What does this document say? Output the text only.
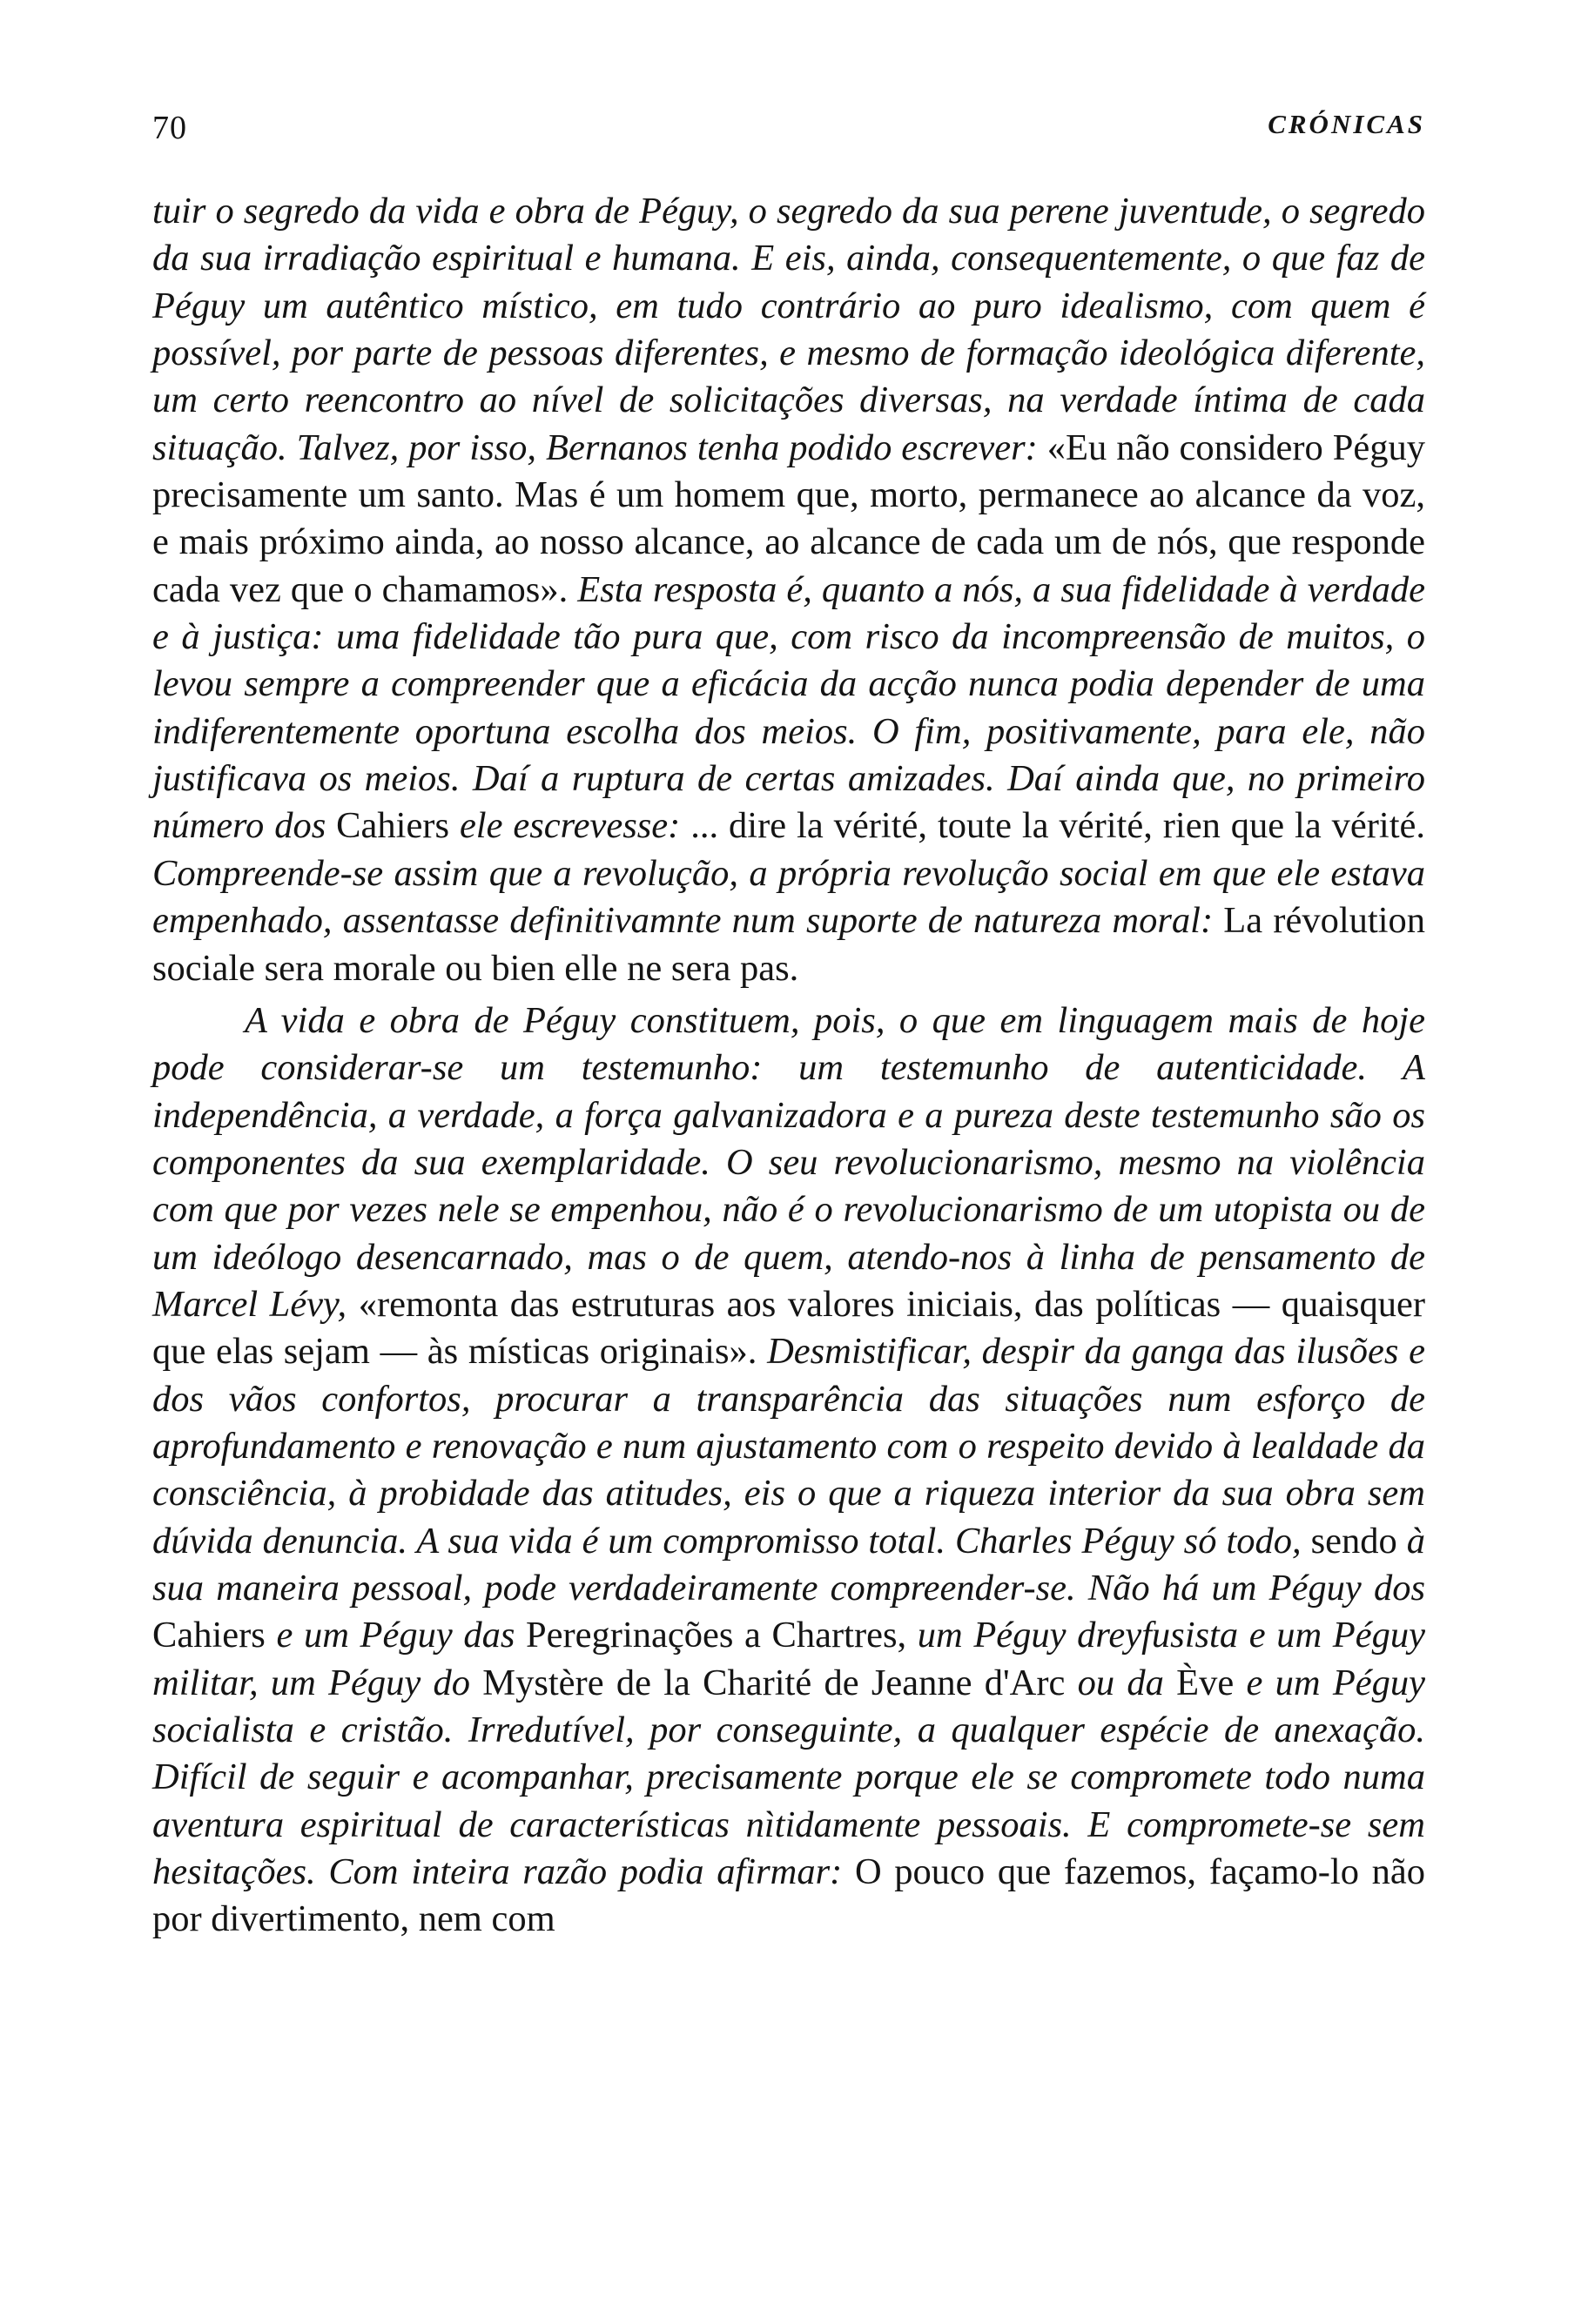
70	CRÓNICAS

tuir o segredo da vida e obra de Péguy, o segredo da sua perene juventude, o segredo da sua irradiação espiritual e humana. E eis, ainda, consequentemente, o que faz de Péguy um autêntico místico, em tudo contrário ao puro idealismo, com quem é possível, por parte de pessoas diferentes, e mesmo de formação ideológica diferente, um certo reencontro ao nível de solicitações diversas, na verdade íntima de cada situação. Talvez, por isso, Bernanos tenha podido escrever: «Eu não considero Péguy precisamente um santo. Mas é um homem que, morto, permanece ao alcance da voz, e mais próximo ainda, ao nosso alcance, ao alcance de cada um de nós, que responde cada vez que o chamamos». Esta resposta é, quanto a nós, a sua fidelidade à verdade e à justiça: uma fidelidade tão pura que, com risco da incompreensão de muitos, o levou sempre a compreender que a eficácia da acção nunca podia depender de uma indiferentemente oportuna escolha dos meios. O fim, positivamente, para ele, não justificava os meios. Daí a ruptura de certas amizades. Daí ainda que, no primeiro número dos Cahiers ele escrevesse: ... dire la vérité, toute la vérité, rien que la vérité. Compreende-se assim que a revolução, a própria revolução social em que ele estava empenhado, assentasse definitivamnte num suporte de natureza moral: La révolution sociale sera morale ou bien elle ne sera pas.

A vida e obra de Péguy constituem, pois, o que em linguagem mais de hoje pode considerar-se um testemunho: um testemunho de autenticidade. A independência, a verdade, a força galvanizadora e a pureza deste testemunho são os componentes da sua exemplaridade. O seu revolucionarismo, mesmo na violência com que por vezes nele se empenhou, não é o revolucionarismo de um utopista ou de um ideólogo desencarnado, mas o de quem, atendo-nos à linha de pensamento de Marcel Lévy, «remonta das estruturas aos valores iniciais, das políticas — quaisquer que elas sejam — às místicas originais». Desmistificar, despir da ganga das ilusões e dos vãos confortos, procurar a transparência das situações num esforço de aprofundamento e renovação e num ajustamento com o respeito devido à lealdade da consciência, à probidade das atitudes, eis o que a riqueza interior da sua obra sem dúvida denuncia. A sua vida é um compromisso total. Charles Péguy só todo, sendo à sua maneira pessoal, pode verdadeiramente compreender-se. Não há um Péguy dos Cahiers e um Péguy das Peregrinações a Chartres, um Péguy dreyfusista e um Péguy militar, um Péguy do Mystère de la Charité de Jeanne d'Arc ou da Ève e um Péguy socialista e cristão. Irredutível, por conseguinte, a qualquer espécie de anexação. Difícil de seguir e acompanhar, precisamente porque ele se compromete todo numa aventura espiritual de características nìtidamente pessoais. E compromete-se sem hesitações. Com inteira razão podia afirmar: O pouco que fazemos, façamo-lo não por divertimento, nem com
